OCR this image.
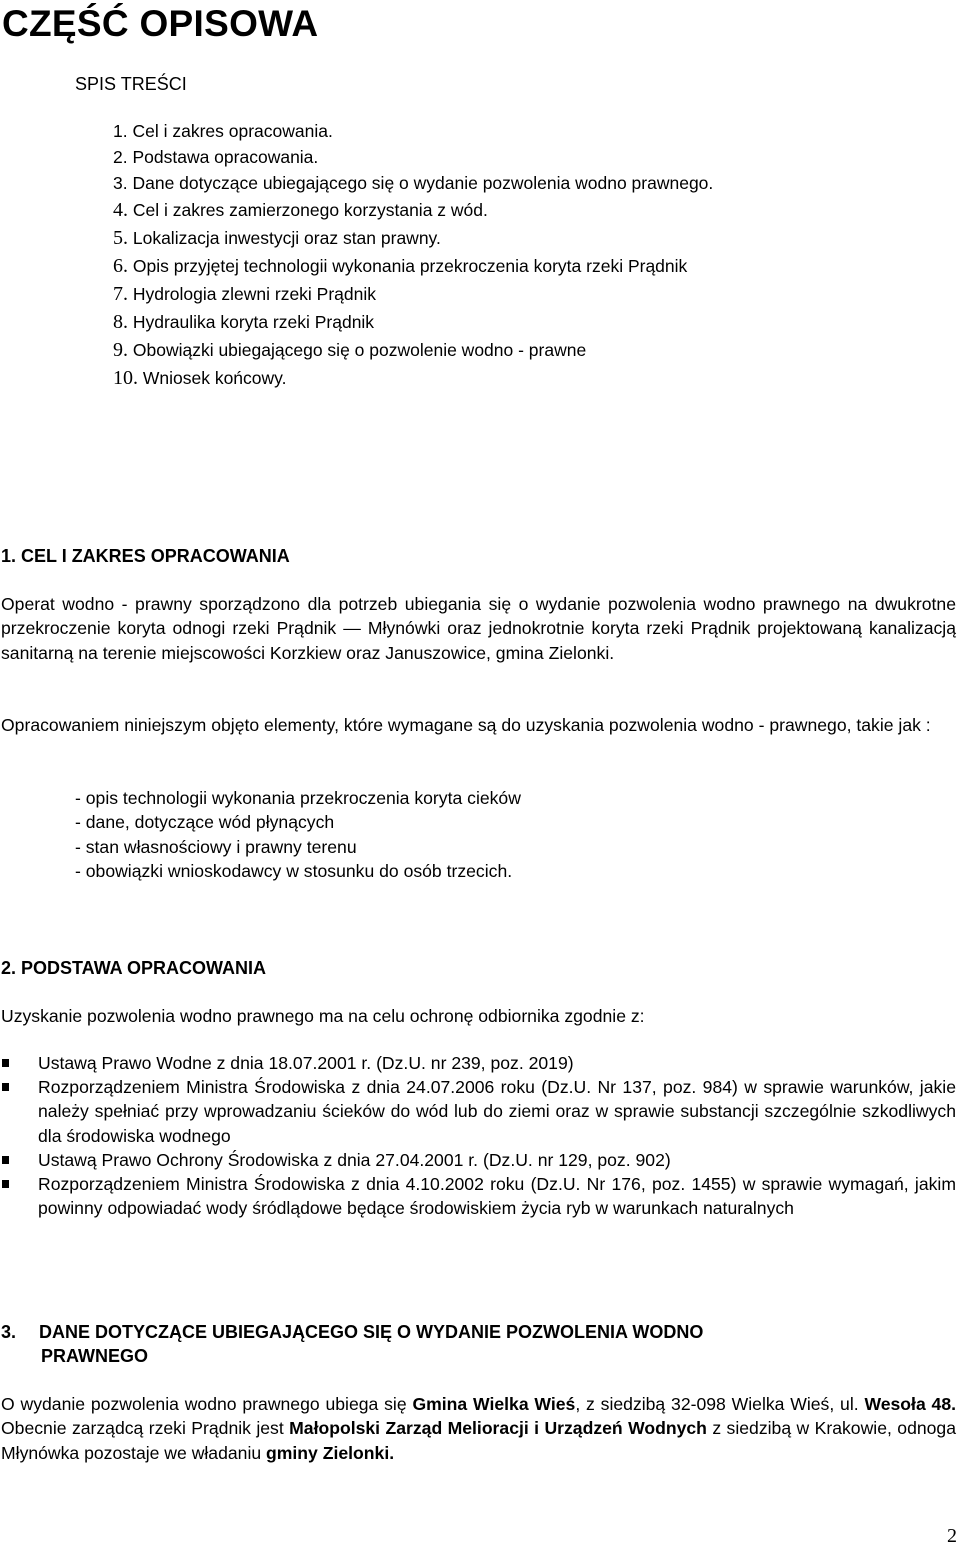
CZĘŚĆ OPISOWA
SPIS TREŚCI
1. Cel i zakres opracowania.
2. Podstawa opracowania.
3. Dane dotyczące ubiegającego się o wydanie pozwolenia wodno prawnego.
4. Cel i zakres zamierzonego korzystania z wód.
5. Lokalizacja inwestycji oraz stan prawny.
6. Opis przyjętej technologii wykonania przekroczenia koryta rzeki Prądnik
7. Hydrologia zlewni rzeki Prądnik
8. Hydraulika koryta rzeki Prądnik
9. Obowiązki ubiegającego się o pozwolenie wodno - prawne
10. Wniosek końcowy.
1. CEL I ZAKRES OPRACOWANIA
Operat wodno - prawny sporządzono dla potrzeb ubiegania się o wydanie pozwolenia wodno prawnego na dwukrotne przekroczenie koryta odnogi rzeki Prądnik — Młynówki oraz jednokrotnie koryta rzeki Prądnik projektowaną kanalizacją sanitarną na terenie miejscowości Korzkiew oraz Januszowice, gmina Zielonki.
Opracowaniem niniejszym objęto elementy, które wymagane są do uzyskania pozwolenia wodno - prawnego, takie jak :
- opis technologii wykonania przekroczenia koryta cieków
- dane, dotyczące wód płynących
- stan własnościowy i prawny terenu
- obowiązki wnioskodawcy w stosunku do osób trzecich.
2. PODSTAWA OPRACOWANIA
Uzyskanie pozwolenia wodno prawnego ma na celu ochronę odbiornika zgodnie z:
Ustawą Prawo Wodne z dnia 18.07.2001 r. (Dz.U. nr 239, poz. 2019)
Rozporządzeniem Ministra Środowiska z dnia 24.07.2006 roku (Dz.U. Nr 137, poz. 984) w sprawie warunków, jakie należy spełniać przy wprowadzaniu ścieków do wód lub do ziemi oraz w sprawie substancji szczególnie szkodliwych dla środowiska wodnego
Ustawą Prawo Ochrony Środowiska z dnia 27.04.2001 r. (Dz.U. nr 129, poz. 902)
Rozporządzeniem Ministra Środowiska z dnia 4.10.2002 roku (Dz.U. Nr 176, poz. 1455) w sprawie wymagań, jakim powinny odpowiadać wody śródlądowe będące środowiskiem życia ryb w warunkach naturalnych
3. DANE DOTYCZĄCE UBIEGAJĄCEGO SIĘ O WYDANIE POZWOLENIA WODNO
PRAWNEGO
O wydanie pozwolenia wodno prawnego ubiega się Gmina Wielka Wieś, z siedzibą 32-098 Wielka Wieś, ul. Wesoła 48. Obecnie zarządcą rzeki Prądnik jest Małopolski Zarząd Melioracji i Urządzeń Wodnych z siedzibą w Krakowie, odnoga Młynówka pozostaje we władaniu gminy Zielonki.
2
